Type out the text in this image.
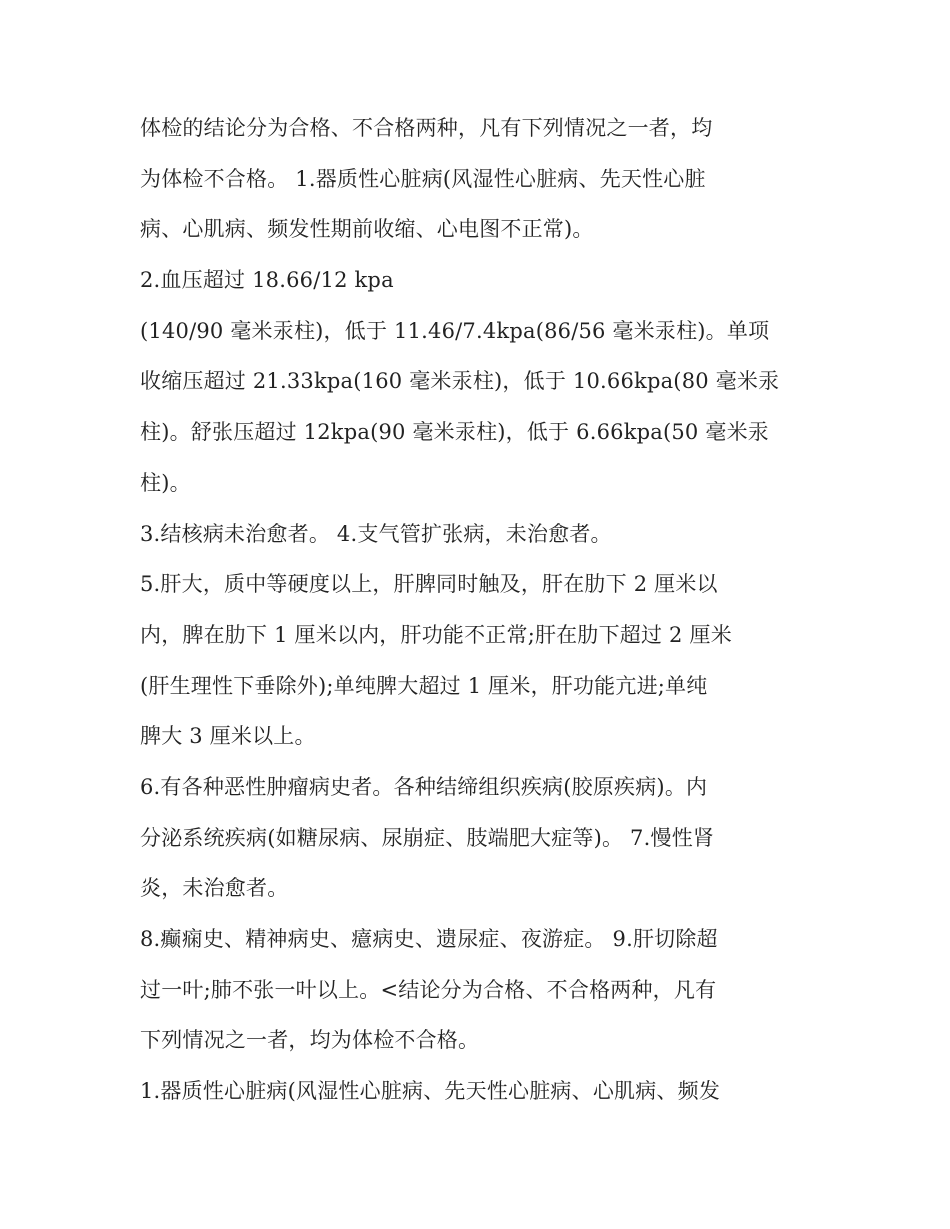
体检的结论分为合格、不合格两种，凡有下列情况之一者，均
为体检不合格。 1.器质性心脏病(风湿性心脏病、先天性心脏
病、心肌病、频发性期前收缩、心电图不正常)。
2.血压超过 18.66/12 kpa
(140/90 毫米汞柱)，低于 11.46/7.4kpa(86/56 毫米汞柱)。单项
收缩压超过 21.33kpa(160 毫米汞柱)，低于 10.66kpa(80 毫米汞
柱)。舒张压超过 12kpa(90 毫米汞柱)，低于 6.66kpa(50 毫米汞
柱)。
3.结核病未治愈者。 4.支气管扩张病，未治愈者。
5.肝大，质中等硬度以上，肝脾同时触及，肝在肋下 2 厘米以
内，脾在肋下 1 厘米以内，肝功能不正常;肝在肋下超过 2 厘米
(肝生理性下垂除外);单纯脾大超过 1 厘米，肝功能亢进;单纯
脾大 3 厘米以上。
6.有各种恶性肿瘤病史者。各种结缔组织疾病(胶原疾病)。内
分泌系统疾病(如糖尿病、尿崩症、肢端肥大症等)。 7.慢性肾
炎，未治愈者。
8.癫痫史、精神病史、癔病史、遗尿症、夜游症。 9.肝切除超
过一叶;肺不张一叶以上。<结论分为合格、不合格两种，凡有
下列情况之一者，均为体检不合格。
1.器质性心脏病(风湿性心脏病、先天性心脏病、心肌病、频发
